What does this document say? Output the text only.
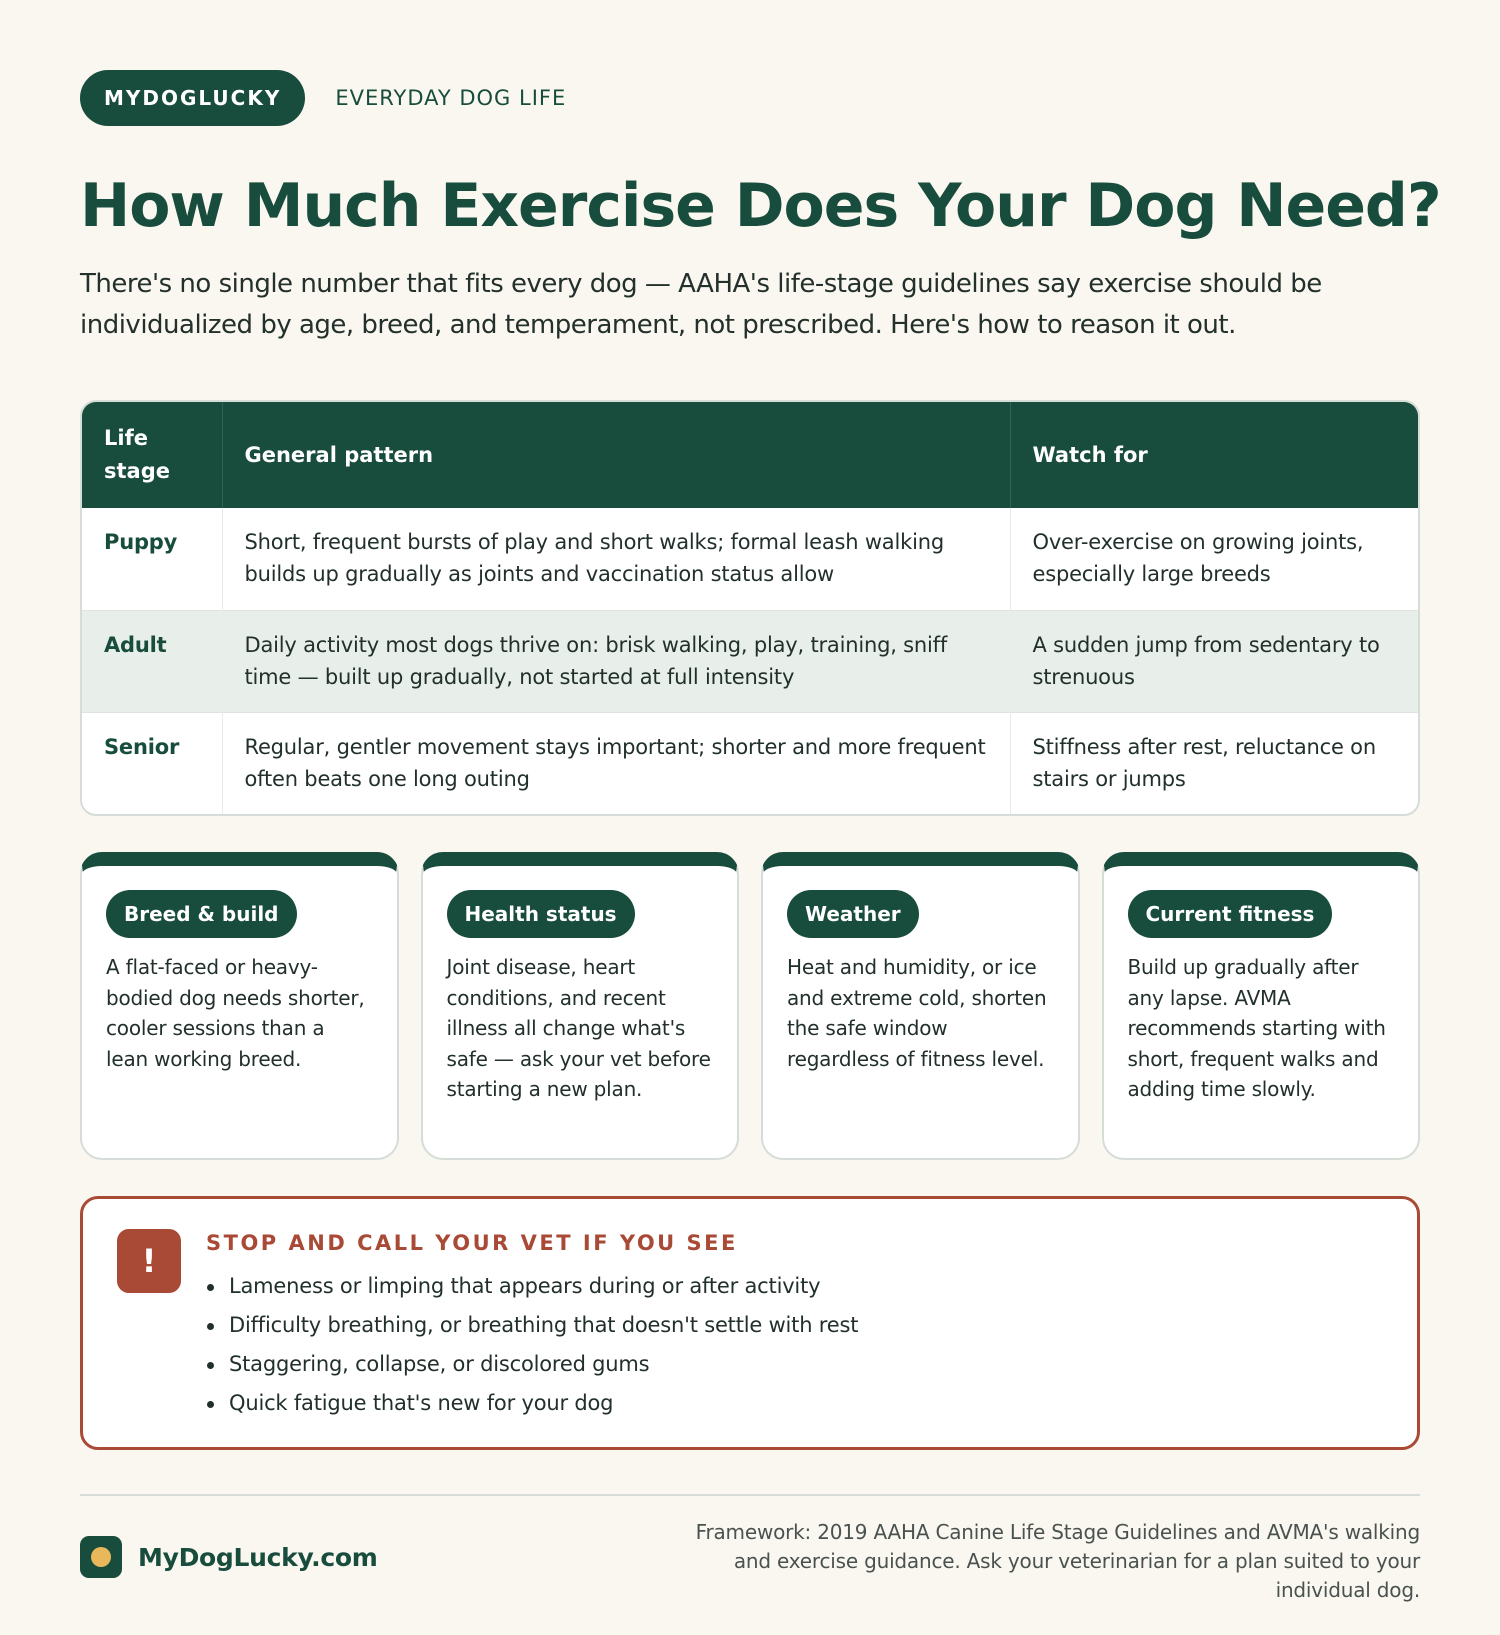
MYDOGLUCKY	EVERYDAY DOG LIFE
How Much Exercise Does Your Dog Need?

There's no single number that fits every dog — AAHA's life-stage guidelines say exercise should be individualized by age, breed, and temperament, not prescribed. Here's how to reason it out.

Life stage	General pattern	Watch for
Puppy	Short, frequent bursts of play and short walks; formal leash walking builds up gradually as joints and vaccination status allow	Over-exercise on growing joints, especially large breeds
Adult	Daily activity most dogs thrive on: brisk walking, play, training, sniff time — built up gradually, not started at full intensity	A sudden jump from sedentary to strenuous
Senior	Regular, gentler movement stays important; shorter and more frequent often beats one long outing	Stiffness after rest, reluctance on stairs or jumps
Breed & build

A flat-faced or heavy-bodied dog needs shorter, cooler sessions than a lean working breed.

Health status

Joint disease, heart conditions, and recent illness all change what's safe — ask your vet before starting a new plan.

Weather

Heat and humidity, or ice and extreme cold, shorten the safe window regardless of fitness level.

Current fitness

Build up gradually after any lapse. AVMA recommends starting with short, frequent walks and adding time slowly.

!	STOP AND CALL YOUR VET IF YOU SEE
Lameness or limping that appears during or after activity
Difficulty breathing, or breathing that doesn't settle with rest
Staggering, collapse, or discolored gums
Quick fatigue that's new for your dog
MyDogLucky.com

Framework: 2019 AAHA Canine Life Stage Guidelines and AVMA's walking and exercise guidance. Ask your veterinarian for a plan suited to your individual dog.
